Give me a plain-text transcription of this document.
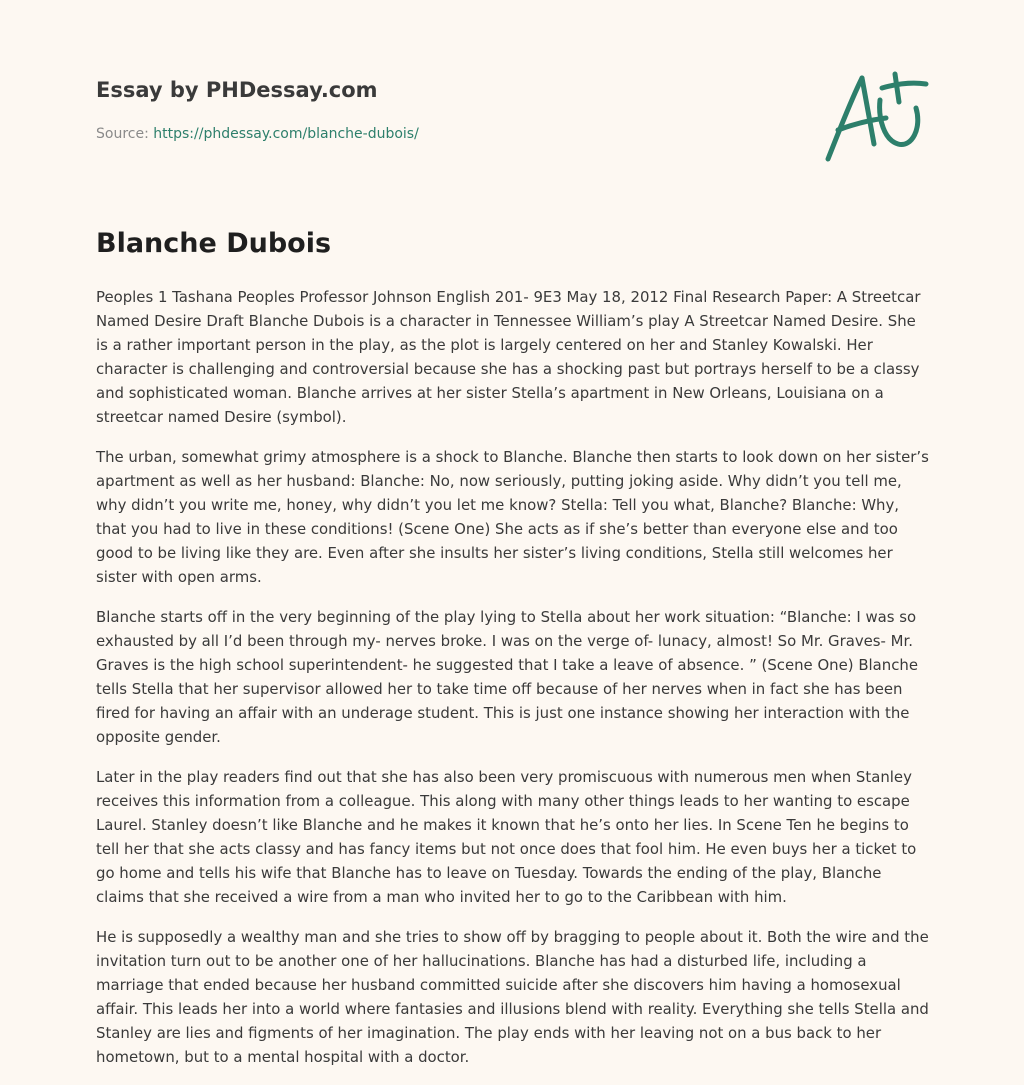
Essay by PHDessay.com
Source: https://phdessay.com/blanche-dubois/
Blanche Dubois

Peoples 1 Tashana Peoples Professor Johnson English 201- 9E3 May 18, 2012 Final Research Paper: A Streetcar Named Desire Draft Blanche Dubois is a character in Tennessee William’s play A Streetcar Named Desire. She is a rather important person in the play, as the plot is largely centered on her and Stanley Kowalski. Her character is challenging and controversial because she has a shocking past but portrays herself to be a classy and sophisticated woman. Blanche arrives at her sister Stella’s apartment in New Orleans, Louisiana on a streetcar named Desire (symbol).

The urban, somewhat grimy atmosphere is a shock to Blanche. Blanche then starts to look down on her sister’s apartment as well as her husband: Blanche: No, now seriously, putting joking aside. Why didn’t you tell me, why didn’t you write me, honey, why didn’t you let me know? Stella: Tell you what, Blanche? Blanche: Why, that you had to live in these conditions! (Scene One) She acts as if she’s better than everyone else and too good to be living like they are. Even after she insults her sister’s living conditions, Stella still welcomes her sister with open arms.

Blanche starts off in the very beginning of the play lying to Stella about her work situation: “Blanche: I was so exhausted by all I’d been through my- nerves broke. I was on the verge of- lunacy, almost! So Mr. Graves- Mr. Graves is the high school superintendent- he suggested that I take a leave of absence. ” (Scene One) Blanche tells Stella that her supervisor allowed her to take time off because of her nerves when in fact she has been fired for having an affair with an underage student. This is just one instance showing her interaction with the opposite gender.

Later in the play readers find out that she has also been very promiscuous with numerous men when Stanley receives this information from a colleague. This along with many other things leads to her wanting to escape Laurel. Stanley doesn’t like Blanche and he makes it known that he’s onto her lies. In Scene Ten he begins to tell her that she acts classy and has fancy items but not once does that fool him. He even buys her a ticket to go home and tells his wife that Blanche has to leave on Tuesday. Towards the ending of the play, Blanche claims that she received a wire from a man who invited her to go to the Caribbean with him.

He is supposedly a wealthy man and she tries to show off by bragging to people about it. Both the wire and the invitation turn out to be another one of her hallucinations. Blanche has had a disturbed life, including a marriage that ended because her husband committed suicide after she discovers him having a homosexual affair. This leads her into a world where fantasies and illusions blend with reality. Everything she tells Stella and Stanley are lies and figments of her imagination. The play ends with her leaving not on a bus back to her hometown, but to a mental hospital with a doctor.
